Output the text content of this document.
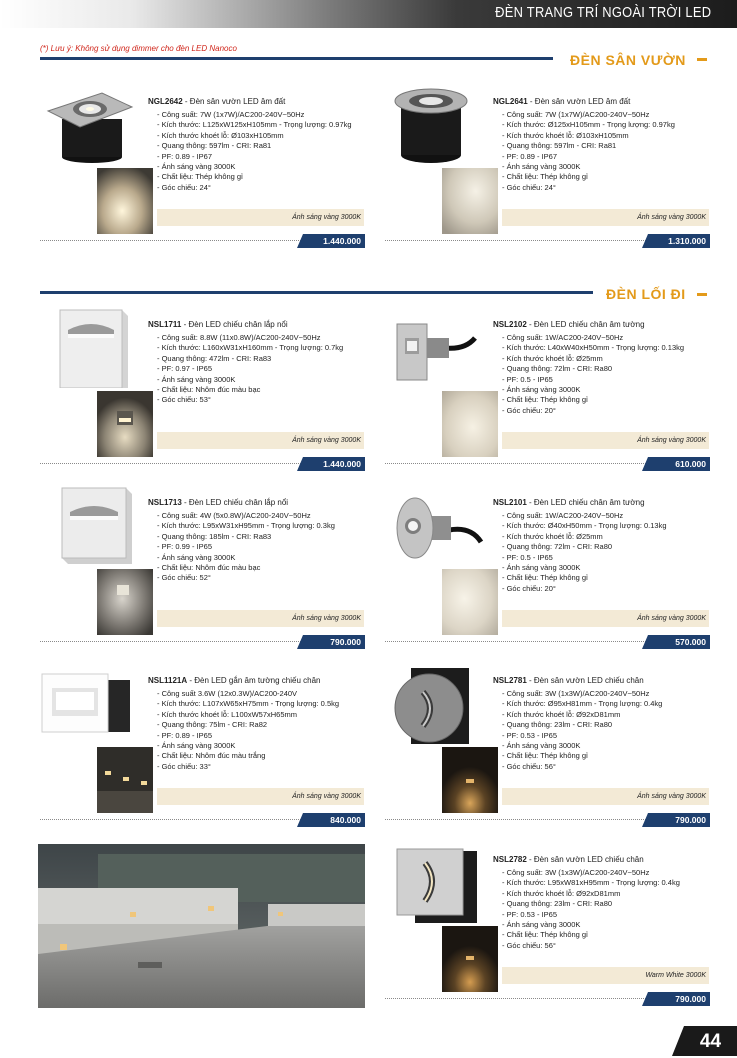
ĐÈN TRANG TRÍ NGOÀI TRỜI LED
(*) Lưu ý: Không sử dụng dimmer cho đèn LED Nanoco
ĐÈN SÂN VƯỜN
ĐÈN LỐI ĐI
NGL2642 - Đèn sân vườn LED âm đất
- Công suất: 7W (1x7W)/AC200-240V~50Hz
- Kích thước: L125xW125xH105mm - Trọng lượng: 0.97kg
- Kích thước khoét lỗ: Ø103xH105mm
- Quang thông: 597lm - CRI: Ra81
- PF: 0.89 - IP67
- Ánh sáng vàng 3000K
- Chất liệu: Thép không gỉ
- Góc chiếu: 24°
Ánh sáng vàng 3000K
1.440.000
NGL2641 - Đèn sân vườn LED âm đất
- Công suất: 7W (1x7W)/AC200-240V~50Hz
- Kích thước: Ø125xH105mm - Trọng lượng: 0.97kg
- Kích thước khoét lỗ: Ø103xH105mm
- Quang thông: 597lm - CRI: Ra81
- PF: 0.89 - IP67
- Ánh sáng vàng 3000K
- Chất liệu: Thép không gỉ
- Góc chiếu: 24°
Ánh sáng vàng 3000K
1.310.000
NSL1711 - Đèn LED chiếu chân lắp nổi
- Công suất: 8.8W (11x0.8W)/AC200-240V~50Hz
- Kích thước: L160xW31xH160mm - Trọng lượng: 0.7kg
- Quang thông: 472lm - CRI: Ra83
- PF: 0.97 - IP65
- Ánh sáng vàng 3000K
- Chất liệu: Nhôm đúc màu bạc
- Góc chiếu: 53°
Ánh sáng vàng 3000K
1.440.000
NSL2102 - Đèn LED chiếu chân âm tường
- Công suất: 1W/AC200-240V~50Hz
- Kích thước: L40xW40xH50mm - Trọng lượng: 0.13kg
- Kích thước khoét lỗ: Ø25mm
- Quang thông: 72lm - CRI: Ra80
- PF: 0.5 - IP65
- Ánh sáng vàng 3000K
- Chất liệu: Thép không gỉ
- Góc chiếu: 20°
Ánh sáng vàng 3000K
610.000
NSL1713 - Đèn LED chiếu chân lắp nổi
- Công suất: 4W (5x0.8W)/AC200-240V~50Hz
- Kích thước: L95xW31xH95mm - Trọng lượng: 0.3kg
- Quang thông: 185lm - CRI: Ra83
- PF: 0.99 - IP65
- Ánh sáng vàng 3000K
- Chất liệu: Nhôm đúc màu bạc
- Góc chiếu: 52°
Ánh sáng vàng 3000K
790.000
NSL2101 - Đèn LED chiếu chân âm tường
- Công suất: 1W/AC200-240V~50Hz
- Kích thước: Ø40xH50mm - Trọng lượng: 0.13kg
- Kích thước khoét lỗ: Ø25mm
- Quang thông: 72lm - CRI: Ra80
- PF: 0.5 - IP65
- Ánh sáng vàng 3000K
- Chất liệu: Thép không gỉ
- Góc chiếu: 20°
Ánh sáng vàng 3000K
570.000
NSL1121A - Đèn LED gắn âm tường chiếu chân
- Công suất 3.6W (12x0.3W)/AC200-240V
- Kích thước: L107xW65xH75mm - Trọng lượng: 0.5kg
- Kích thước khoét lỗ: L100xW57xH65mm
- Quang thông: 75lm - CRI: Ra82
- PF: 0.89 - IP65
- Ánh sáng vàng 3000K
- Chất liệu: Nhôm đúc màu trắng
- Góc chiếu: 33°
Ánh sáng vàng 3000K
840.000
NSL2781 - Đèn sân vườn LED chiếu chân
- Công suất: 3W (1x3W)/AC200-240V~50Hz
- Kích thước: Ø95xH81mm - Trọng lượng: 0.4kg
- Kích thước khoét lỗ: Ø92xD81mm
- Quang thông: 23lm - CRI: Ra80
- PF: 0.53 - IP65
- Ánh sáng vàng 3000K
- Chất liệu: Thép không gỉ
- Góc chiếu: 56°
Ánh sáng vàng 3000K
790.000
NSL2782 - Đèn sân vườn LED chiếu chân
- Công suất: 3W (1x3W)/AC200-240V~50Hz
- Kích thước: L95xW81xH95mm - Trọng lượng: 0.4kg
- Kích thước khoét lỗ: Ø92xD81mm
- Quang thông: 23lm - CRI: Ra80
- PF: 0.53 - IP65
- Ánh sáng vàng 3000K
- Chất liệu: Thép không gỉ
- Góc chiếu: 56°
Warm White 3000K
790.000
44
